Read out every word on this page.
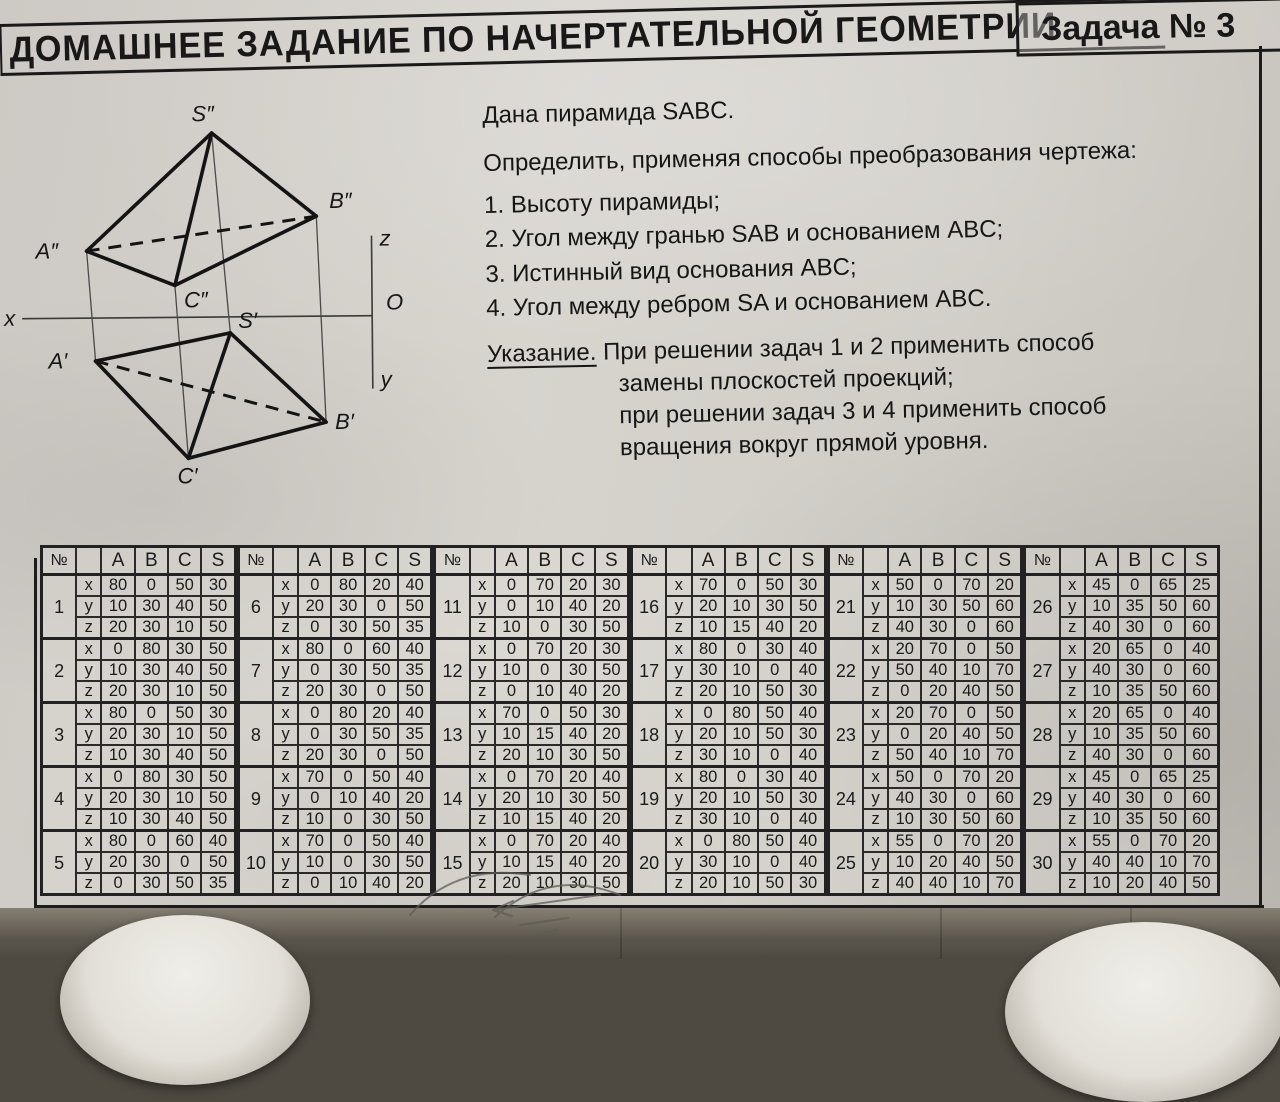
ДОМАШНЕЕ ЗАДАНИЕ ПО НАЧЕРТАТЕЛЬНОЙ ГЕОМЕТРИИ
Задача № 3
S″
A″
B″
C″
S′
A′
B′
C′
x
z
O
y

Дана пирамида SABC.

Определить, применяя способы преобразования чертежа:

1. Высоту пирамиды;

2. Угол между гранью SAB и основанием ABC;

3. Истинный вид основания ABC;

4. Угол между ребром SA и основанием ABC.

Указание. При решении задач 1 и 2 применить способ

замены плоскостей проекций;

при решении задач 3 и 4 применить способ

вращения вокруг прямой уровня.

№		A	B	C	S
1	x	80	0	50	30
	y	10	30	40	50
	z	20	30	10	50
2	x	0	80	30	50
	y	10	30	40	50
	z	20	30	10	50
3	x	80	0	50	30
	y	20	30	10	50
	z	10	30	40	50
4	x	0	80	30	50
	y	20	30	10	50
	z	10	30	40	50
5	x	80	0	60	40
	y	20	30	0	50
	z	0	30	50	35
№		A	B	C	S
6	x	0	80	20	40
	y	20	30	0	50
	z	0	30	50	35
7	x	80	0	60	40
	y	0	30	50	35
	z	20	30	0	50
8	x	0	80	20	40
	y	0	30	50	35
	z	20	30	0	50
9	x	70	0	50	40
	y	0	10	40	20
	z	10	0	30	50
10	x	70	0	50	40
	y	10	0	30	50
	z	0	10	40	20
№		A	B	C	S
11	x	0	70	20	30
	y	0	10	40	20
	z	10	0	30	50
12	x	0	70	20	30
	y	10	0	30	50
	z	0	10	40	20
13	x	70	0	50	30
	y	10	15	40	20
	z	20	10	30	50
14	x	0	70	20	40
	y	20	10	30	50
	z	10	15	40	20
15	x	0	70	20	40
	y	10	15	40	20
	z	20	10	30	50
№		A	B	C	S
16	x	70	0	50	30
	y	20	10	30	50
	z	10	15	40	20
17	x	80	0	30	40
	y	30	10	0	40
	z	20	10	50	30
18	x	0	80	50	40
	y	20	10	50	30
	z	30	10	0	40
19	x	80	0	30	40
	y	20	10	50	30
	z	30	10	0	40
20	x	0	80	50	40
	y	30	10	0	40
	z	20	10	50	30
№		A	B	C	S
21	x	50	0	70	20
	y	10	30	50	60
	z	40	30	0	60
22	x	20	70	0	50
	y	50	40	10	70
	z	0	20	40	50
23	x	20	70	0	50
	y	0	20	40	50
	z	50	40	10	70
24	x	50	0	70	20
	y	40	30	0	60
	z	10	30	50	60
25	x	55	0	70	20
	y	10	20	40	50
	z	40	40	10	70
№		A	B	C	S
26	x	45	0	65	25
	y	10	35	50	60
	z	40	30	0	60
27	x	20	65	0	40
	y	40	30	0	60
	z	10	35	50	60
28	x	20	65	0	40
	y	10	35	50	60
	z	40	30	0	60
29	x	45	0	65	25
	y	40	30	0	60
	z	10	35	50	60
30	x	55	0	70	20
	y	40	40	10	70
	z	10	20	40	50
